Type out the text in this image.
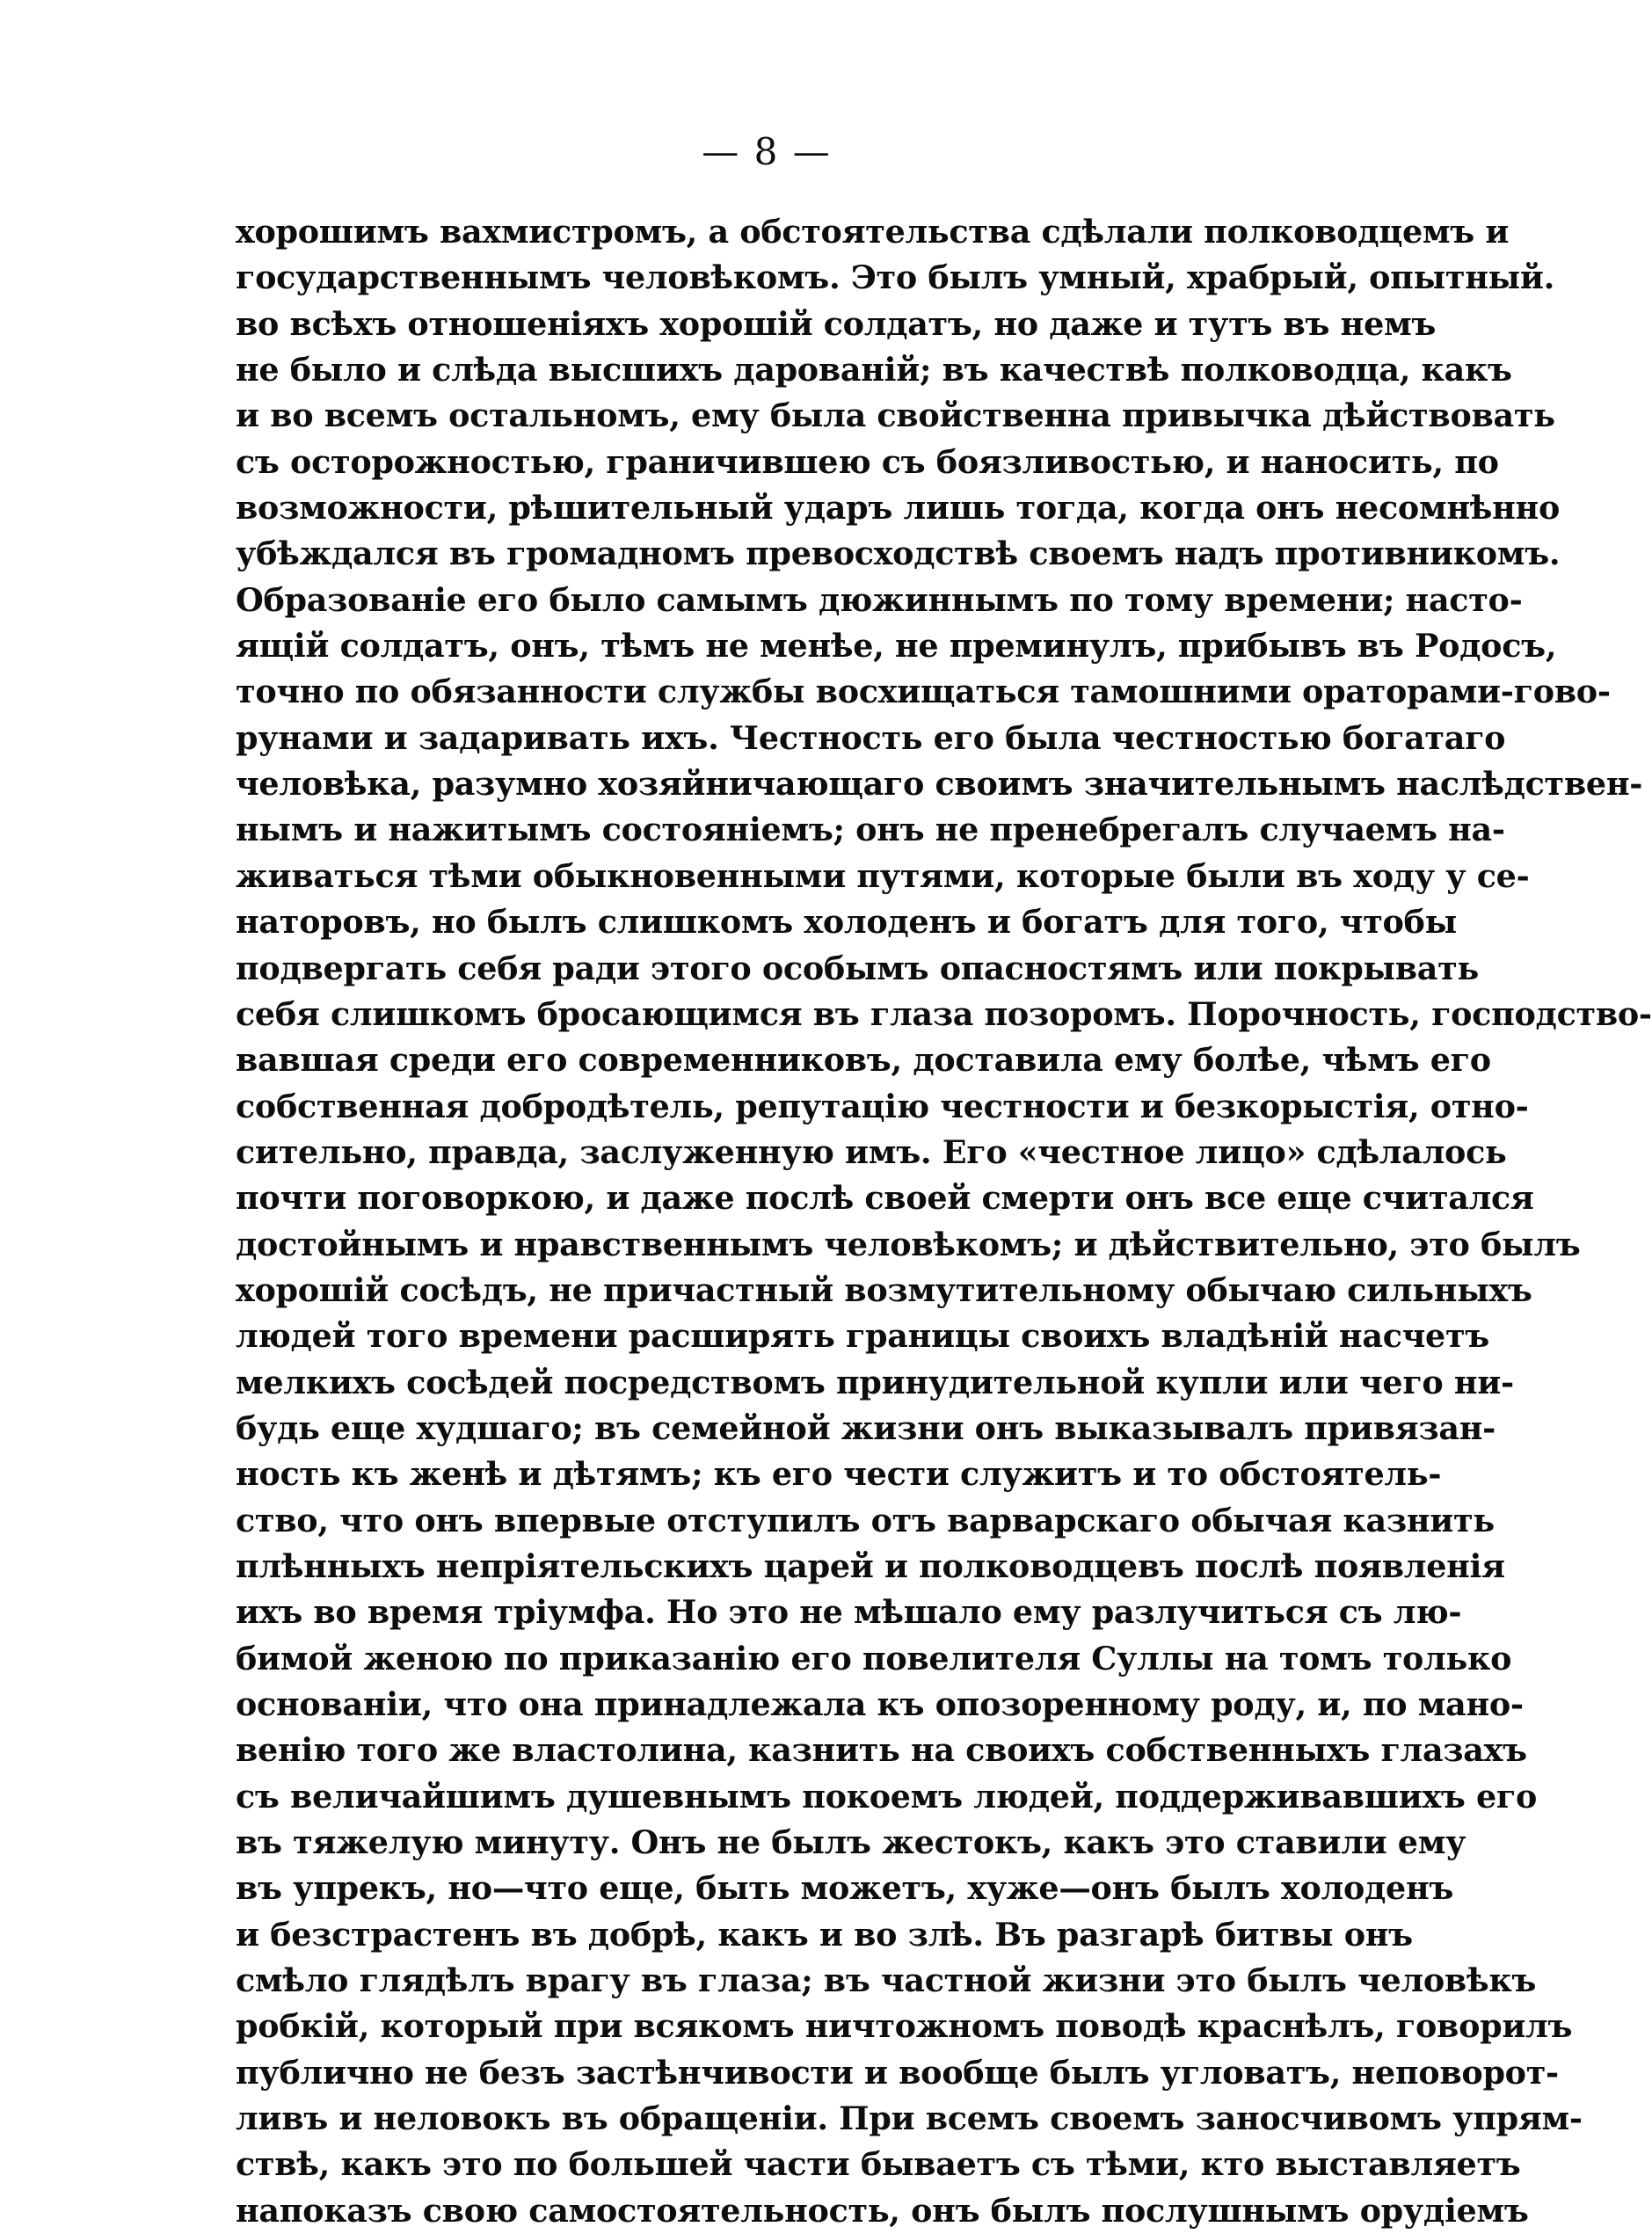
— 8 —
хорошимъ вахмистромъ, а обстоятельства сдѣлали полководцемъ и
государственнымъ человѣкомъ. Это былъ умный, храбрый, опытный.
во всѣхъ отношеніяхъ хорошій солдатъ, но даже и тутъ въ немъ
не было и слѣда высшихъ дарованій; въ качествѣ полководца, какъ
и во всемъ остальномъ, ему была свойственна привычка дѣйствовать
съ осторожностью, граничившею съ боязливостью, и наносить, по
возможности, рѣшительный ударъ лишь тогда, когда онъ несомнѣнно
убѣждался въ громадномъ превосходствѣ своемъ надъ противникомъ.
Образованіе его было самымъ дюжиннымъ по тому времени; насто-
ящій солдатъ, онъ, тѣмъ не менѣе, не преминулъ, прибывъ въ Родосъ,
точно по обязанности службы восхищаться тамошними ораторами-гово-
рунами и задаривать ихъ. Честность его была честностью богатаго
человѣка, разумно хозяйничающаго своимъ значительнымъ наслѣдствен-
нымъ и нажитымъ состояніемъ; онъ не пренебрегалъ случаемъ на-
живаться тѣми обыкновенными путями, которые были въ ходу у се-
наторовъ, но былъ слишкомъ холоденъ и богатъ для того, чтобы
подвергать себя ради этого особымъ опасностямъ или покрывать
себя слишкомъ бросающимся въ глаза позоромъ. Порочность, господство-
вавшая среди его современниковъ, доставила ему болѣе, чѣмъ его
собственная добродѣтель, репутацію честности и безкорыстія, отно-
сительно, правда, заслуженную имъ. Его «честное лицо» сдѣлалось
почти поговоркою, и даже послѣ своей смерти онъ все еще считался
достойнымъ и нравственнымъ человѣкомъ; и дѣйствительно, это былъ
хорошій сосѣдъ, не причастный возмутительному обычаю сильныхъ
людей того времени расширять границы своихъ владѣній насчетъ
мелкихъ сосѣдей посредствомъ принудительной купли или чего ни-
будь еще худшаго; въ семейной жизни онъ выказывалъ привязан-
ность къ женѣ и дѣтямъ; къ его чести служитъ и то обстоятель-
ство, что онъ впервые отступилъ отъ варварскаго обычая казнить
плѣнныхъ непріятельскихъ царей и полководцевъ послѣ появленія
ихъ во время тріумфа. Но это не мѣшало ему разлучиться съ лю-
бимой женою по приказанію его повелителя Суллы на томъ только
основаніи, что она принадлежала къ опозоренному роду, и, по мано-
венію того же властолина, казнить на своихъ собственныхъ глазахъ
съ величайшимъ душевнымъ покоемъ людей, поддерживавшихъ его
въ тяжелую минуту. Онъ не былъ жестокъ, какъ это ставили ему
въ упрекъ, но—что еще, быть можетъ, хуже—онъ былъ холоденъ
и безстрастенъ въ добрѣ, какъ и во злѣ. Въ разгарѣ битвы онъ
смѣло глядѣлъ врагу въ глаза; въ частной жизни это былъ человѣкъ
робкій, который при всякомъ ничтожномъ поводѣ краснѣлъ, говорилъ
публично не безъ застѣнчивости и вообще былъ угловатъ, неповорот-
ливъ и неловокъ въ обращеніи. При всемъ своемъ заносчивомъ упрям-
ствѣ, какъ это по большей части бываетъ съ тѣми, кто выставляетъ
напоказъ свою самостоятельность, онъ былъ послушнымъ орудіемъ
